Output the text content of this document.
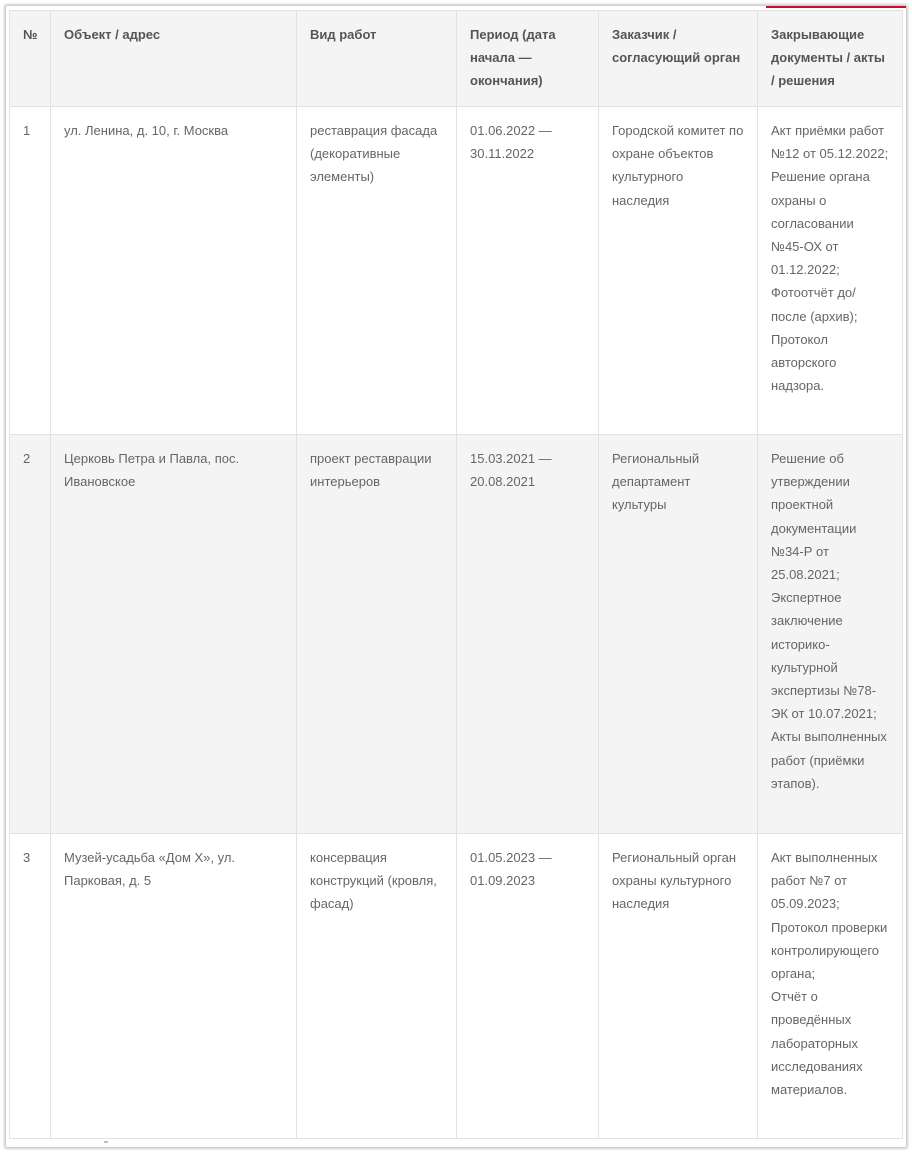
№	Объект / адрес	Вид работ	Период (дата начала — окончания)	Заказчик / согласующий орган	Закрывающие документы / акты / решения
1	ул. Ленина, д. 10, г. Москва	реставрация фасада (декоративные элементы)	01.06.2022 — 30.11.2022	Городской комитет по охране объектов культурного наследия	Акт приёмки работ №12 от 05.12.2022;
Решение органа охраны о согласовании №45-ОХ от 01.12.2022;
Фотоотчёт до/после (архив);
Протокол авторского надзора.

2	Церковь Петра и Павла, пос. Ивановское	проект реставрации интерьеров	15.03.2021 — 20.08.2021	Региональный департамент культуры	Решение об утверждении проектной документации №34-Р от 25.08.2021;
Экспертное заключение историко-культурной экспертизы №78-ЭК от 10.07.2021;
Акты выполненных работ (приёмки этапов).

3	Музей-усадьба «Дом Х», ул. Парковая, д. 5	консервация конструкций (кровля, фасад)	01.05.2023 — 01.09.2023	Региональный орган охраны культурного наследия	Акт выполненных работ №7 от 05.09.2023;
Протокол проверки контролирующего органа;
Отчёт о проведённых лабораторных исследованиях материалов.
